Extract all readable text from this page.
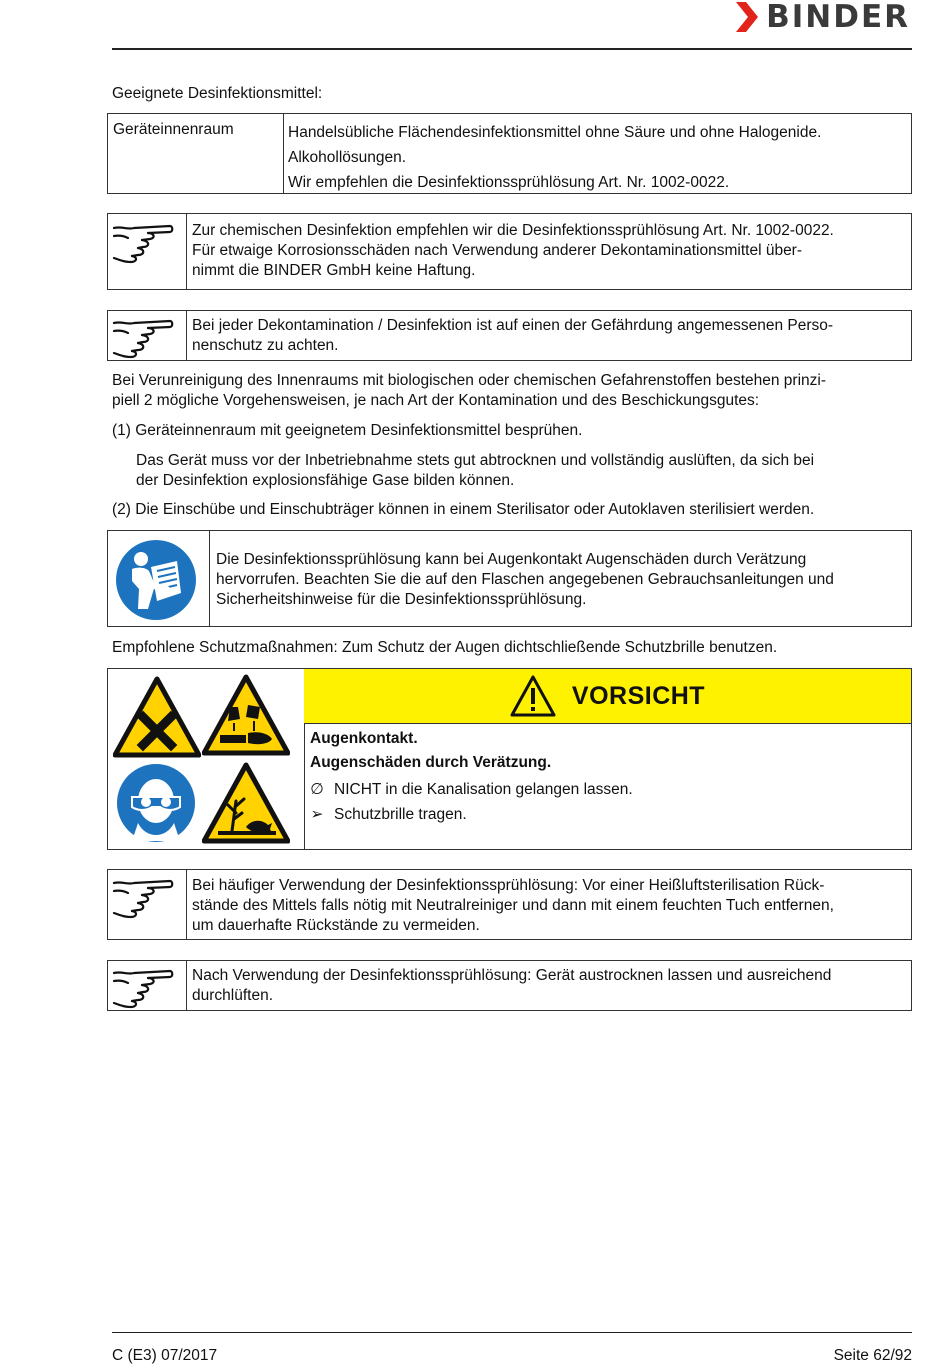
BINDER
Geeignete Desinfektionsmittel:
Geräteinnenraum	Handelsübliche Flächendesinfektionsmittel ohne Säure und ohne Halogenide.
Alkohollösungen.
Wir empfehlen die Desinfektionssprühlösung Art. Nr. 1002-0022.
Zur chemischen Desinfektion empfehlen wir die Desinfektionssprühlösung Art. Nr. 1002-0022.
Für etwaige Korrosionsschäden nach Verwendung anderer Dekontaminationsmittel über-
nimmt die BINDER GmbH keine Haftung.
Bei jeder Dekontamination / Desinfektion ist auf einen der Gefährdung angemessenen Perso-
nenschutz zu achten.
Bei Verunreinigung des Innenraums mit biologischen oder chemischen Gefahrenstoffen bestehen prinzi-
piell 2 mögliche Vorgehensweisen, je nach Art der Kontamination und des Beschickungsgutes:
(1) Geräteinnenraum mit geeignetem Desinfektionsmittel besprühen.
Das Gerät muss vor der Inbetriebnahme stets gut abtrocknen und vollständig auslüften, da sich bei
der Desinfektion explosionsfähige Gase bilden können.
(2) Die Einschübe und Einschubträger können in einem Sterilisator oder Autoklaven sterilisiert werden.
Die Desinfektionssprühlösung kann bei Augenkontakt Augenschäden durch Verätzung
hervorrufen. Beachten Sie die auf den Flaschen angegebenen Gebrauchsanleitungen und
Sicherheitshinweise für die Desinfektionssprühlösung.
Empfohlene Schutzmaßnahmen: Zum Schutz der Augen dichtschließende Schutzbrille benutzen.
VORSICHT
Augenkontakt.
Augenschäden durch Verätzung.
∅ NICHT in die Kanalisation gelangen lassen.
➢ Schutzbrille tragen.
Bei häufiger Verwendung der Desinfektionssprühlösung: Vor einer Heißluftsterilisation Rück-
stände des Mittels falls nötig mit Neutralreiniger und dann mit einem feuchten Tuch entfernen,
um dauerhafte Rückstände zu vermeiden.
Nach Verwendung der Desinfektionssprühlösung: Gerät austrocknen lassen und ausreichend
durchlüften.
C (E3) 07/2017	Seite 62/92
